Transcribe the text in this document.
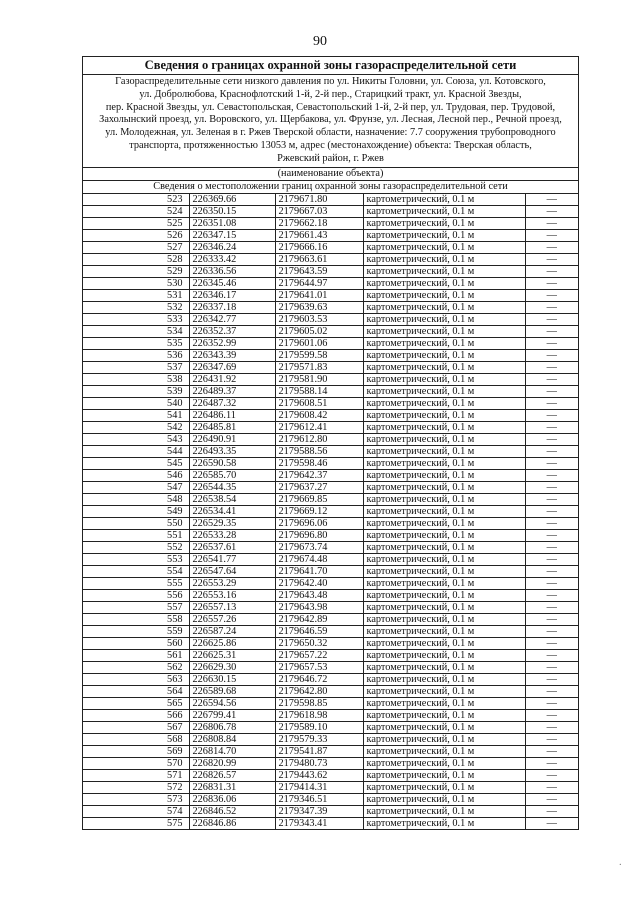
90
Сведения о границах охранной зоны газораспределительной сети
Газораспределительные сети низкого давления по ул. Никиты Головни, ул. Союза, ул. Котовского,
ул. Добролюбова, Краснофлотский 1-й, 2-й пер., Старицкий тракт, ул. Красной Звезды,
пер. Красной Звезды, ул. Севастопольская, Севастопольский 1-й, 2-й пер, ул. Трудовая, пер. Трудовой,
Захолынский проезд, ул. Воровского, ул. Щербакова, ул. Фрунзе, ул. Лесная, Лесной пер., Речной проезд,
ул. Молодежная, ул. Зеленая в г. Ржев Тверской области, назначение: 7.7 сооружения трубопроводного
транспорта, протяженностью 13053 м, адрес (местонахождение) объекта: Тверская область,
Ржевский район, г. Ржев
(наименование объекта)
Сведения о местоположении границ охранной зоны газораспределительной сети
523	226369.66	2179671.80	картометрический, 0.1 м	—
524	226350.15	2179667.03	картометрический, 0.1 м	—
525	226351.08	2179662.18	картометрический, 0.1 м	—
526	226347.15	2179661.43	картометрический, 0.1 м	—
527	226346.24	2179666.16	картометрический, 0.1 м	—
528	226333.42	2179663.61	картометрический, 0.1 м	—
529	226336.56	2179643.59	картометрический, 0.1 м	—
530	226345.46	2179644.97	картометрический, 0.1 м	—
531	226346.17	2179641.01	картометрический, 0.1 м	—
532	226337.18	2179639.63	картометрический, 0.1 м	—
533	226342.77	2179603.53	картометрический, 0.1 м	—
534	226352.37	2179605.02	картометрический, 0.1 м	—
535	226352.99	2179601.06	картометрический, 0.1 м	—
536	226343.39	2179599.58	картометрический, 0.1 м	—
537	226347.69	2179571.83	картометрический, 0.1 м	—
538	226431.92	2179581.90	картометрический, 0.1 м	—
539	226489.37	2179588.14	картометрический, 0.1 м	—
540	226487.32	2179608.51	картометрический, 0.1 м	—
541	226486.11	2179608.42	картометрический, 0.1 м	—
542	226485.81	2179612.41	картометрический, 0.1 м	—
543	226490.91	2179612.80	картометрический, 0.1 м	—
544	226493.35	2179588.56	картометрический, 0.1 м	—
545	226590.58	2179598.46	картометрический, 0.1 м	—
546	226585.70	2179642.37	картометрический, 0.1 м	—
547	226544.35	2179637.27	картометрический, 0.1 м	—
548	226538.54	2179669.85	картометрический, 0.1 м	—
549	226534.41	2179669.12	картометрический, 0.1 м	—
550	226529.35	2179696.06	картометрический, 0.1 м	—
551	226533.28	2179696.80	картометрический, 0.1 м	—
552	226537.61	2179673.74	картометрический, 0.1 м	—
553	226541.77	2179674.48	картометрический, 0.1 м	—
554	226547.64	2179641.70	картометрический, 0.1 м	—
555	226553.29	2179642.40	картометрический, 0.1 м	—
556	226553.16	2179643.48	картометрический, 0.1 м	—
557	226557.13	2179643.98	картометрический, 0.1 м	—
558	226557.26	2179642.89	картометрический, 0.1 м	—
559	226587.24	2179646.59	картометрический, 0.1 м	—
560	226625.86	2179650.32	картометрический, 0.1 м	—
561	226625.31	2179657.22	картометрический, 0.1 м	—
562	226629.30	2179657.53	картометрический, 0.1 м	—
563	226630.15	2179646.72	картометрический, 0.1 м	—
564	226589.68	2179642.80	картометрический, 0.1 м	—
565	226594.56	2179598.85	картометрический, 0.1 м	—
566	226799.41	2179618.98	картометрический, 0.1 м	—
567	226806.78	2179589.10	картометрический, 0.1 м	—
568	226808.84	2179579.33	картометрический, 0.1 м	—
569	226814.70	2179541.87	картометрический, 0.1 м	—
570	226820.99	2179480.73	картометрический, 0.1 м	—
571	226826.57	2179443.62	картометрический, 0.1 м	—
572	226831.31	2179414.31	картометрический, 0.1 м	—
573	226836.06	2179346.51	картометрический, 0.1 м	—
574	226846.52	2179347.39	картометрический, 0.1 м	—
575	226846.86	2179343.41	картометрический, 0.1 м	—
·
